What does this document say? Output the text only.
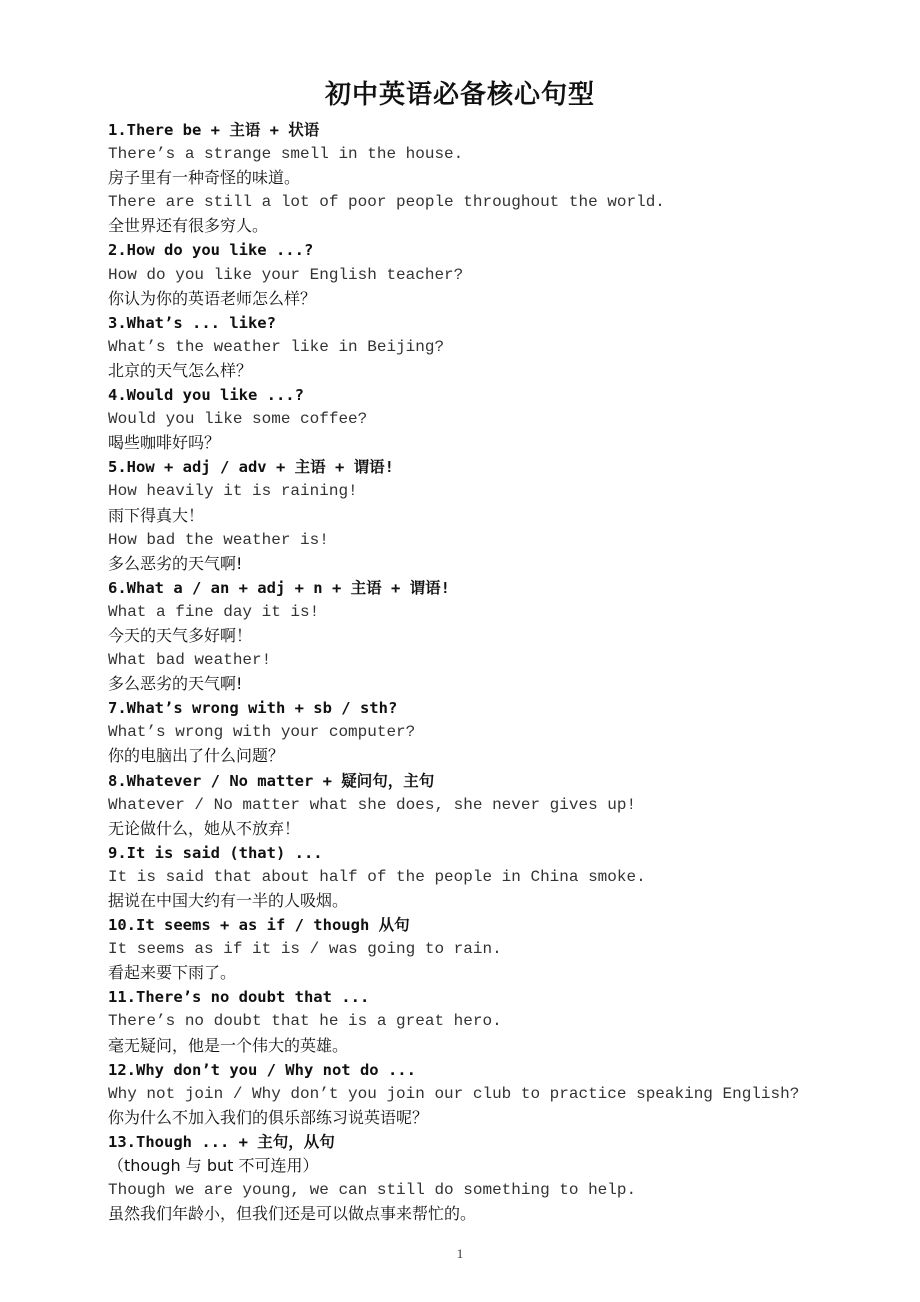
初中英语必备核心句型
1.There be + 主语 + 状语
There’s a strange smell in the house.
房子里有一种奇怪的味道。
There are still a lot of poor people throughout the world.
全世界还有很多穷人。
2.How do you like ...?
How do you like your English teacher?
你认为你的英语老师怎么样？
3.What’s ... like?
What’s the weather like in Beijing?
北京的天气怎么样？
4.Would you like ...?
Would you like some coffee?
喝些咖啡好吗？
5.How + adj / adv + 主语 + 谓语!
How heavily it is raining!
雨下得真大！
How bad the weather is!
多么恶劣的天气啊!
6.What a / an + adj + n + 主语 + 谓语!
What a fine day it is!
今天的天气多好啊！
What bad weather!
多么恶劣的天气啊!
7.What’s wrong with + sb / sth?
What’s wrong with your computer?
你的电脑出了什么问题？
8.Whatever / No matter + 疑问句，主句
Whatever / No matter what she does, she never gives up!
无论做什么，她从不放弃！
9.It is said (that) ...
It is said that about half of the people in China smoke.
据说在中国大约有一半的人吸烟。
10.It seems + as if / though 从句
It seems as if it is / was going to rain.
看起来要下雨了。
11.There’s no doubt that ...
There’s no doubt that he is a great hero.
毫无疑问，他是一个伟大的英雄。
12.Why don’t you / Why not do ...
Why not join / Why don’t you join our club to practice speaking English?
你为什么不加入我们的俱乐部练习说英语呢？
13.Though ... + 主句，从句
（though 与 but 不可连用）
Though we are young, we can still do something to help.
虽然我们年龄小，但我们还是可以做点事来帮忙的。
1
